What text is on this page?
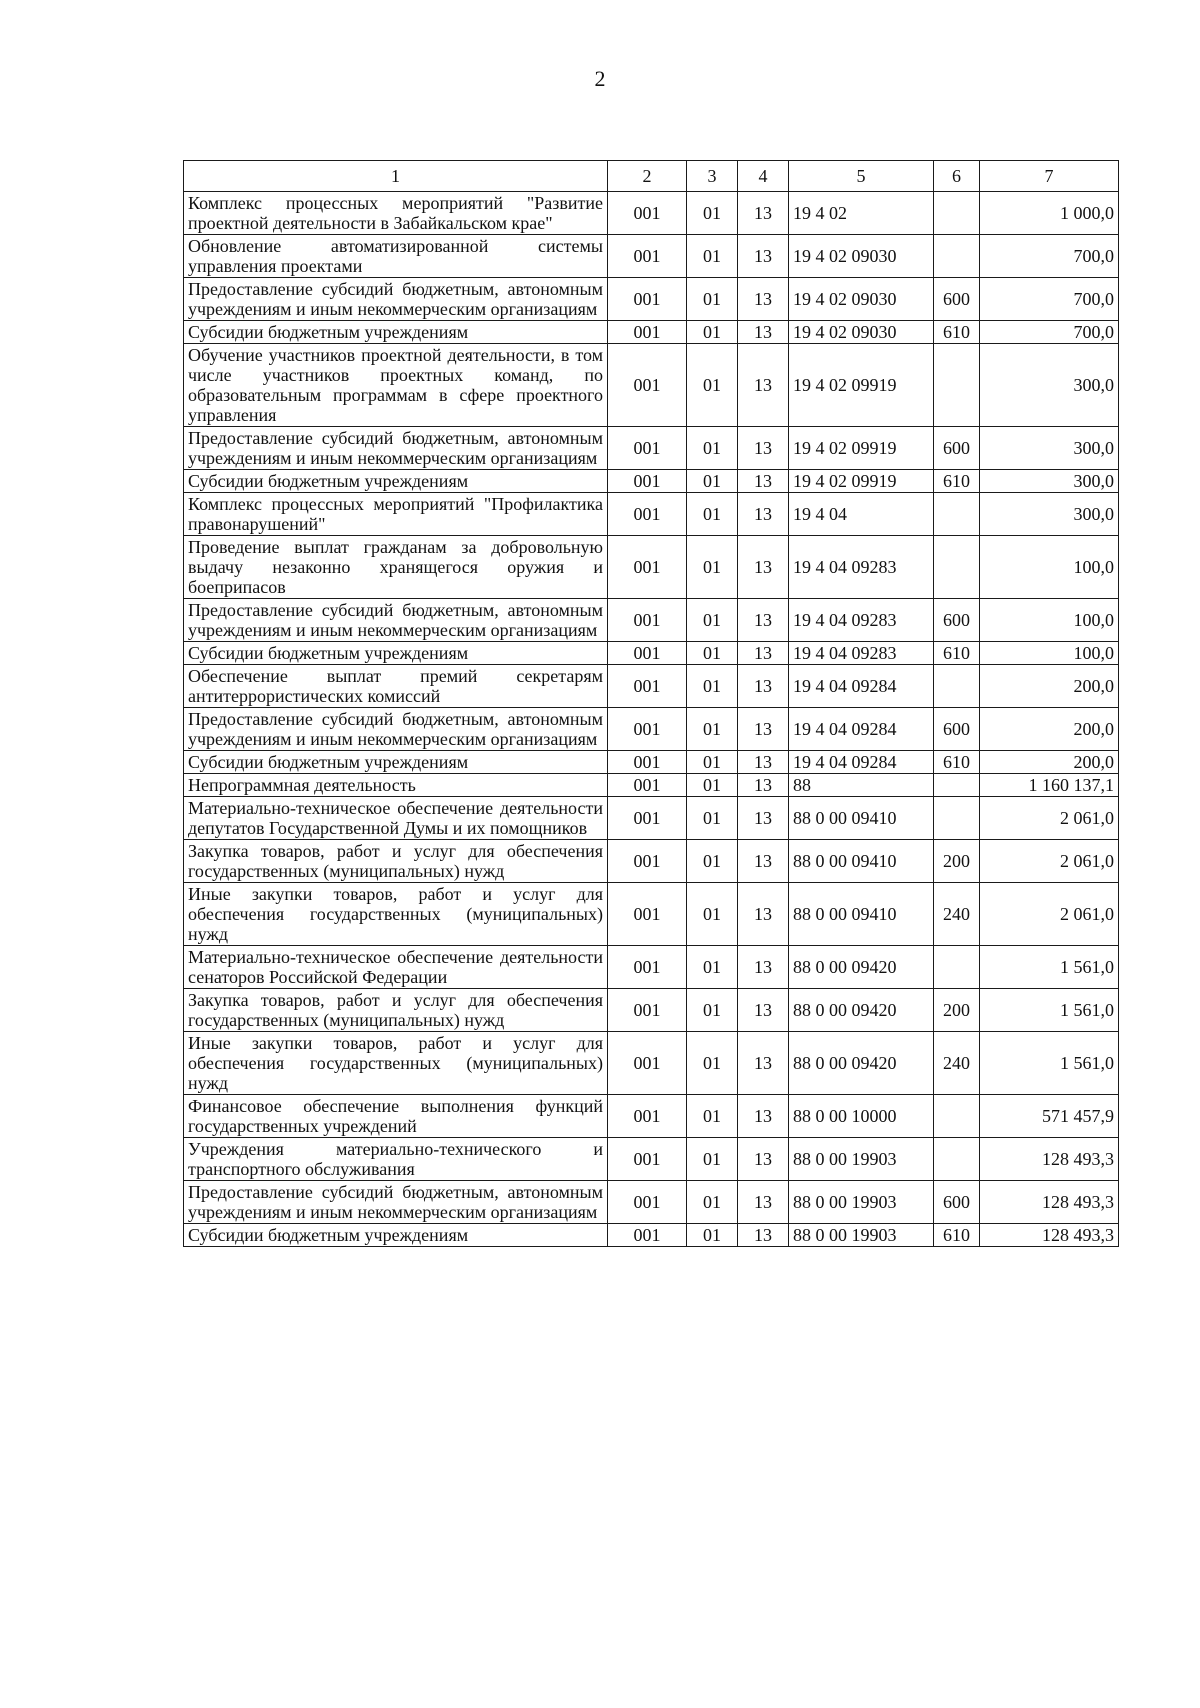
2
1	2	3	4	5	6	7
Комплекс процессных мероприятий "Развитие проектной деятельности в Забайкальском крае"	001	01	13	19 4 02		1 000,0
Обновление автоматизированной системы управления проектами	001	01	13	19 4 02 09030		700,0
Предоставление субсидий бюджетным, автономным учреждениям и иным некоммерческим организациям	001	01	13	19 4 02 09030	600	700,0
Субсидии бюджетным учреждениям	001	01	13	19 4 02 09030	610	700,0
Обучение участников проектной деятельности, в том числе участников проектных команд, по образовательным программам в сфере проектного управления	001	01	13	19 4 02 09919		300,0
Предоставление субсидий бюджетным, автономным учреждениям и иным некоммерческим организациям	001	01	13	19 4 02 09919	600	300,0
Субсидии бюджетным учреждениям	001	01	13	19 4 02 09919	610	300,0
Комплекс процессных мероприятий "Профилактика правонарушений"	001	01	13	19 4 04		300,0
Проведение выплат гражданам за добровольную выдачу незаконно хранящегося оружия и боеприпасов	001	01	13	19 4 04 09283		100,0
Предоставление субсидий бюджетным, автономным учреждениям и иным некоммерческим организациям	001	01	13	19 4 04 09283	600	100,0
Субсидии бюджетным учреждениям	001	01	13	19 4 04 09283	610	100,0
Обеспечение выплат премий секретарям антитеррористических комиссий	001	01	13	19 4 04 09284		200,0
Предоставление субсидий бюджетным, автономным учреждениям и иным некоммерческим организациям	001	01	13	19 4 04 09284	600	200,0
Субсидии бюджетным учреждениям	001	01	13	19 4 04 09284	610	200,0
Непрограммная деятельность	001	01	13	88		1 160 137,1
Материально-техническое обеспечение деятельности депутатов Государственной Думы и их помощников	001	01	13	88 0 00 09410		2 061,0
Закупка товаров, работ и услуг для обеспечения государственных (муниципальных) нужд	001	01	13	88 0 00 09410	200	2 061,0
Иные закупки товаров, работ и услуг для обеспечения государственных (муниципальных) нужд	001	01	13	88 0 00 09410	240	2 061,0
Материально-техническое обеспечение деятельности сенаторов Российской Федерации	001	01	13	88 0 00 09420		1 561,0
Закупка товаров, работ и услуг для обеспечения государственных (муниципальных) нужд	001	01	13	88 0 00 09420	200	1 561,0
Иные закупки товаров, работ и услуг для обеспечения государственных (муниципальных) нужд	001	01	13	88 0 00 09420	240	1 561,0
Финансовое обеспечение выполнения функций государственных учреждений	001	01	13	88 0 00 10000		571 457,9
Учреждения материально-технического и транспортного обслуживания	001	01	13	88 0 00 19903		128 493,3
Предоставление субсидий бюджетным, автономным учреждениям и иным некоммерческим организациям	001	01	13	88 0 00 19903	600	128 493,3
Субсидии бюджетным учреждениям	001	01	13	88 0 00 19903	610	128 493,3
